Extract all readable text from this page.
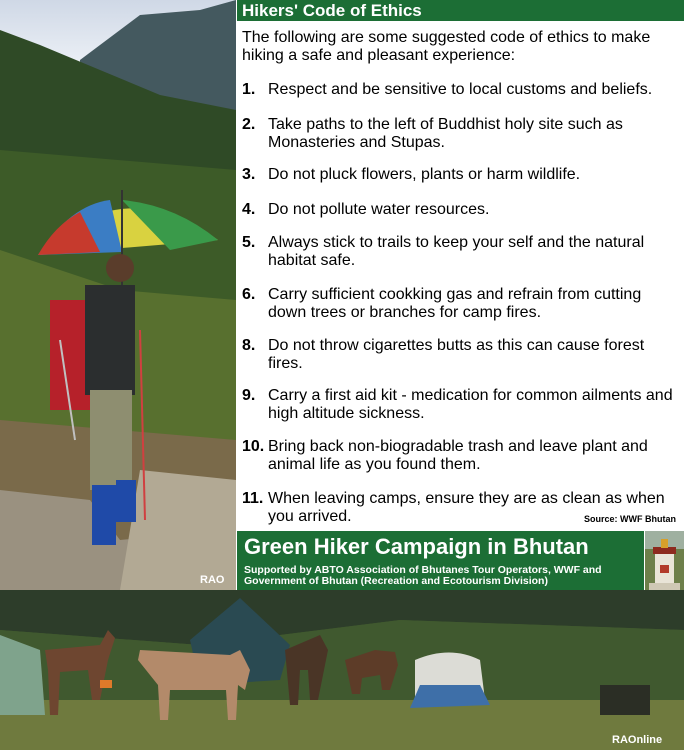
RAO
Hikers' Code of Ethics
The following are some suggested code of ethics to make hiking a safe and pleasant experience:
1. Respect and be sensitive to local customs and beliefs.
2. Take paths to the left of Buddhist holy site such as Monasteries and Stupas.
3. Do not pluck flowers, plants or harm wildlife.
4. Do not pollute water resources.
5. Always stick to trails to keep your self and the natural habitat safe.
6. Carry sufficient cookking gas and refrain from cutting down trees or branches for camp fires.
8. Do not throw cigarettes butts as this can cause forest fires.
9. Carry a first aid kit - medication for common ailments and high altitude sickness.
10. Bring back non-biogradable trash and leave plant and animal life as you found them.
11. When leaving camps, ensure they are as clean as when you arrived.	Source: WWF Bhutan
Green Hiker Campaign in Bhutan
Supported by ABTO Association of Bhutanes Tour Operators, WWF and Government of Bhutan (Recreation and Ecotourism Division)
RAOnline
